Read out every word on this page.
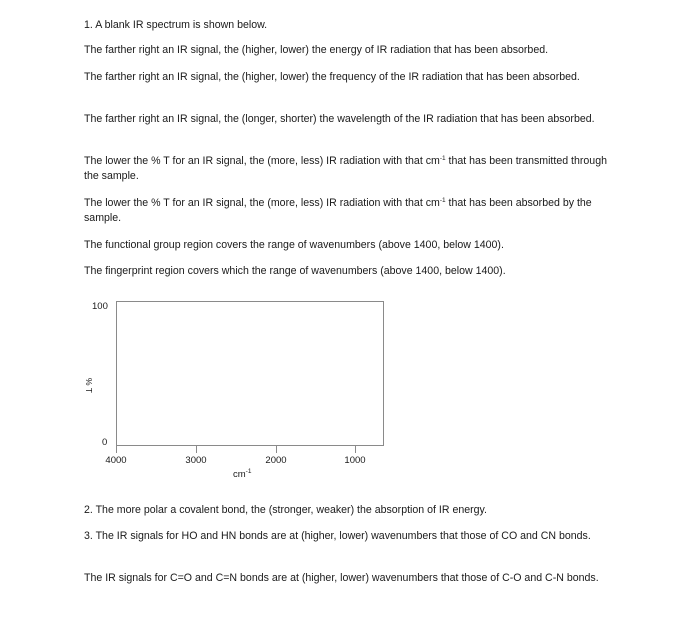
1. A blank IR spectrum is shown below.
The farther right an IR signal, the (higher, lower) the energy of IR radiation that has been absorbed.
The farther right an IR signal, the (higher, lower) the frequency of the IR radiation that has been absorbed.
The farther right an IR signal, the (longer, shorter) the wavelength of the IR radiation that has been absorbed.
The lower the % T for an IR signal, the (more, less) IR radiation with that $cm^{-1}$ that has been transmitted through the sample.
The lower the % T for an IR signal, the (more, less) IR radiation with that $cm^{-1}$ that has been absorbed by the sample.
The functional group region covers the range of wavenumbers (above 1400, below 1400).
The fingerprint region covers which the range of wavenumbers (above 1400, below 1400).
100
0
% T
4000	3000	2000	1000
$cm^{-1}$
2. The more polar a covalent bond, the (stronger, weaker) the absorption of IR energy.
3. The IR signals for HO and HN bonds are at (higher, lower) wavenumbers that those of CO and CN bonds.
The IR signals for C=O and C=N bonds are at (higher, lower) wavenumbers that those of C-O and C-N bonds.
